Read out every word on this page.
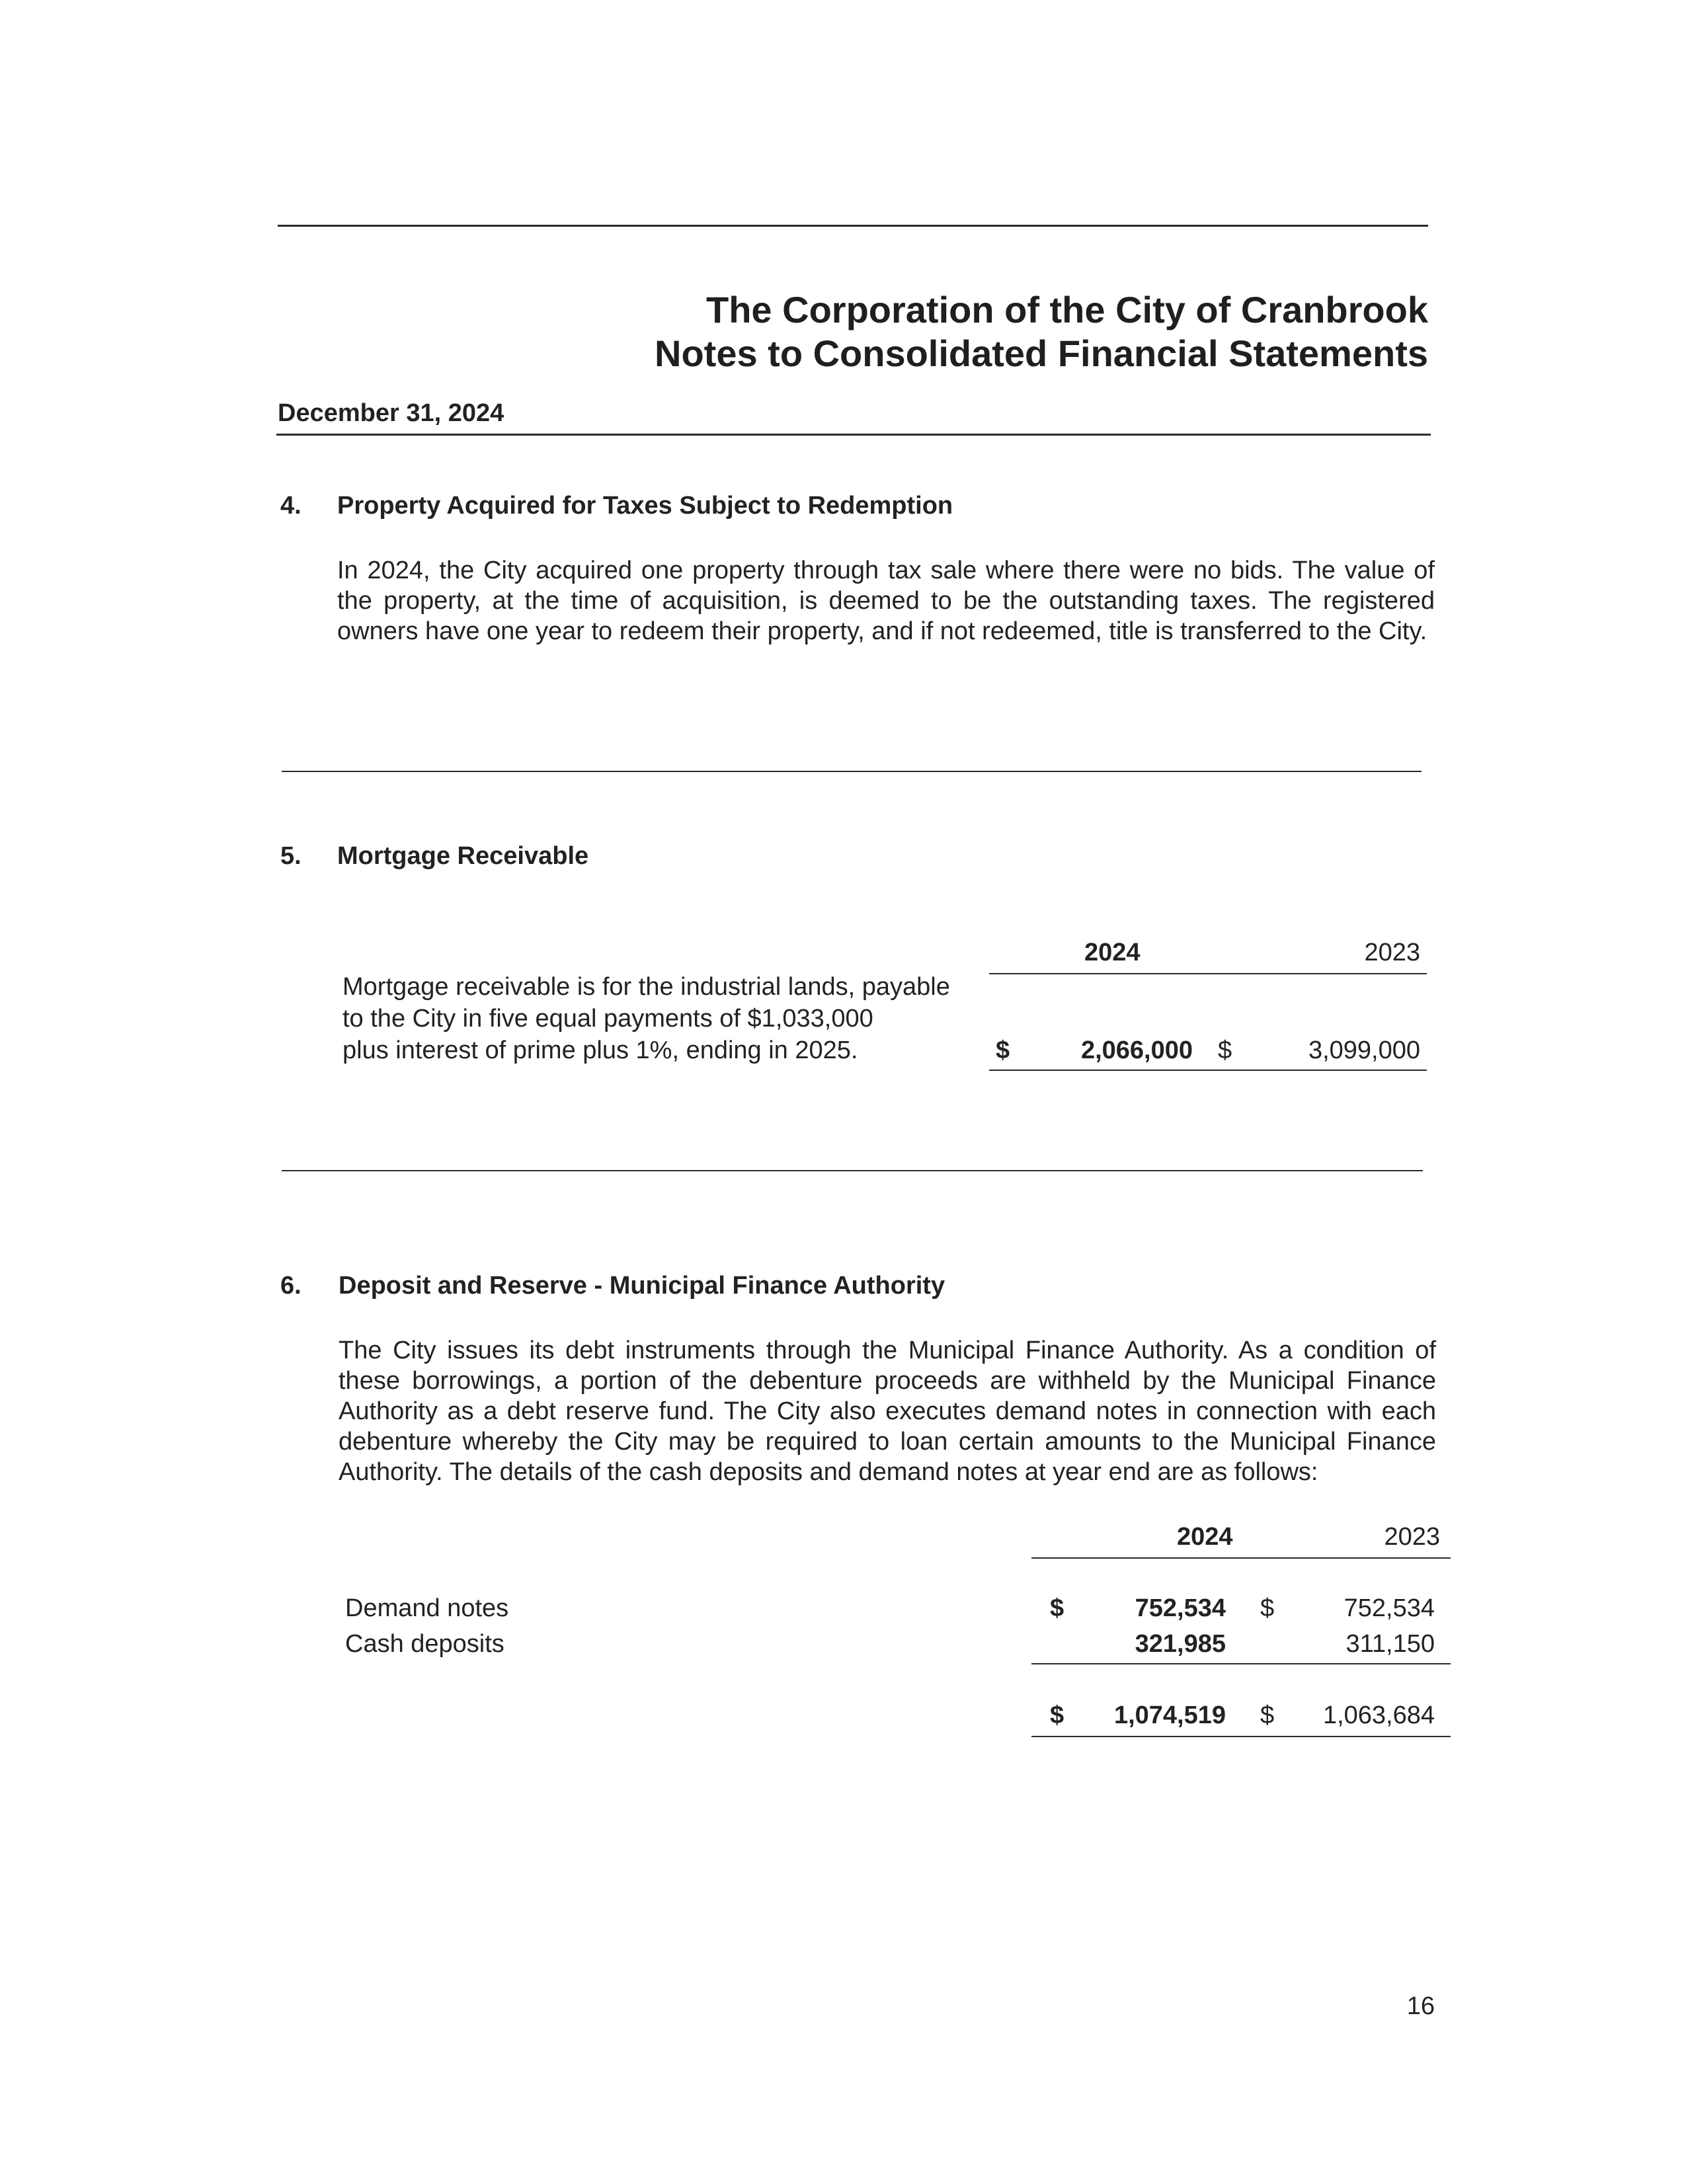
The Corporation of the City of Cranbrook
Notes to Consolidated Financial Statements
December 31, 2024
4. Property Acquired for Taxes Subject to Redemption
In 2024, the City acquired one property through tax sale where there were no bids. The value of the property, at the time of acquisition, is deemed to be the outstanding taxes. The registered owners have one year to redeem their property, and if not redeemed, title is transferred to the City.
5. Mortgage Receivable
2024	2023
Mortgage receivable is for the industrial lands, payable
to the City in five equal payments of $1,033,000
plus interest of prime plus 1%, ending in 2025.	$	2,066,000 $	3,099,000
6. Deposit and Reserve - Municipal Finance Authority
The City issues its debt instruments through the Municipal Finance Authority. As a condition of these borrowings, a portion of the debenture proceeds are withheld by the Municipal Finance Authority as a debt reserve fund. The City also executes demand notes in connection with each debenture whereby the City may be required to loan certain amounts to the Municipal Finance Authority. The details of the cash deposits and demand notes at year end are as follows:
2024	2023
Demand notes	$	752,534 $	752,534
Cash deposits	321,985	311,150
$ 1,074,519 $ 1,063,684
16
